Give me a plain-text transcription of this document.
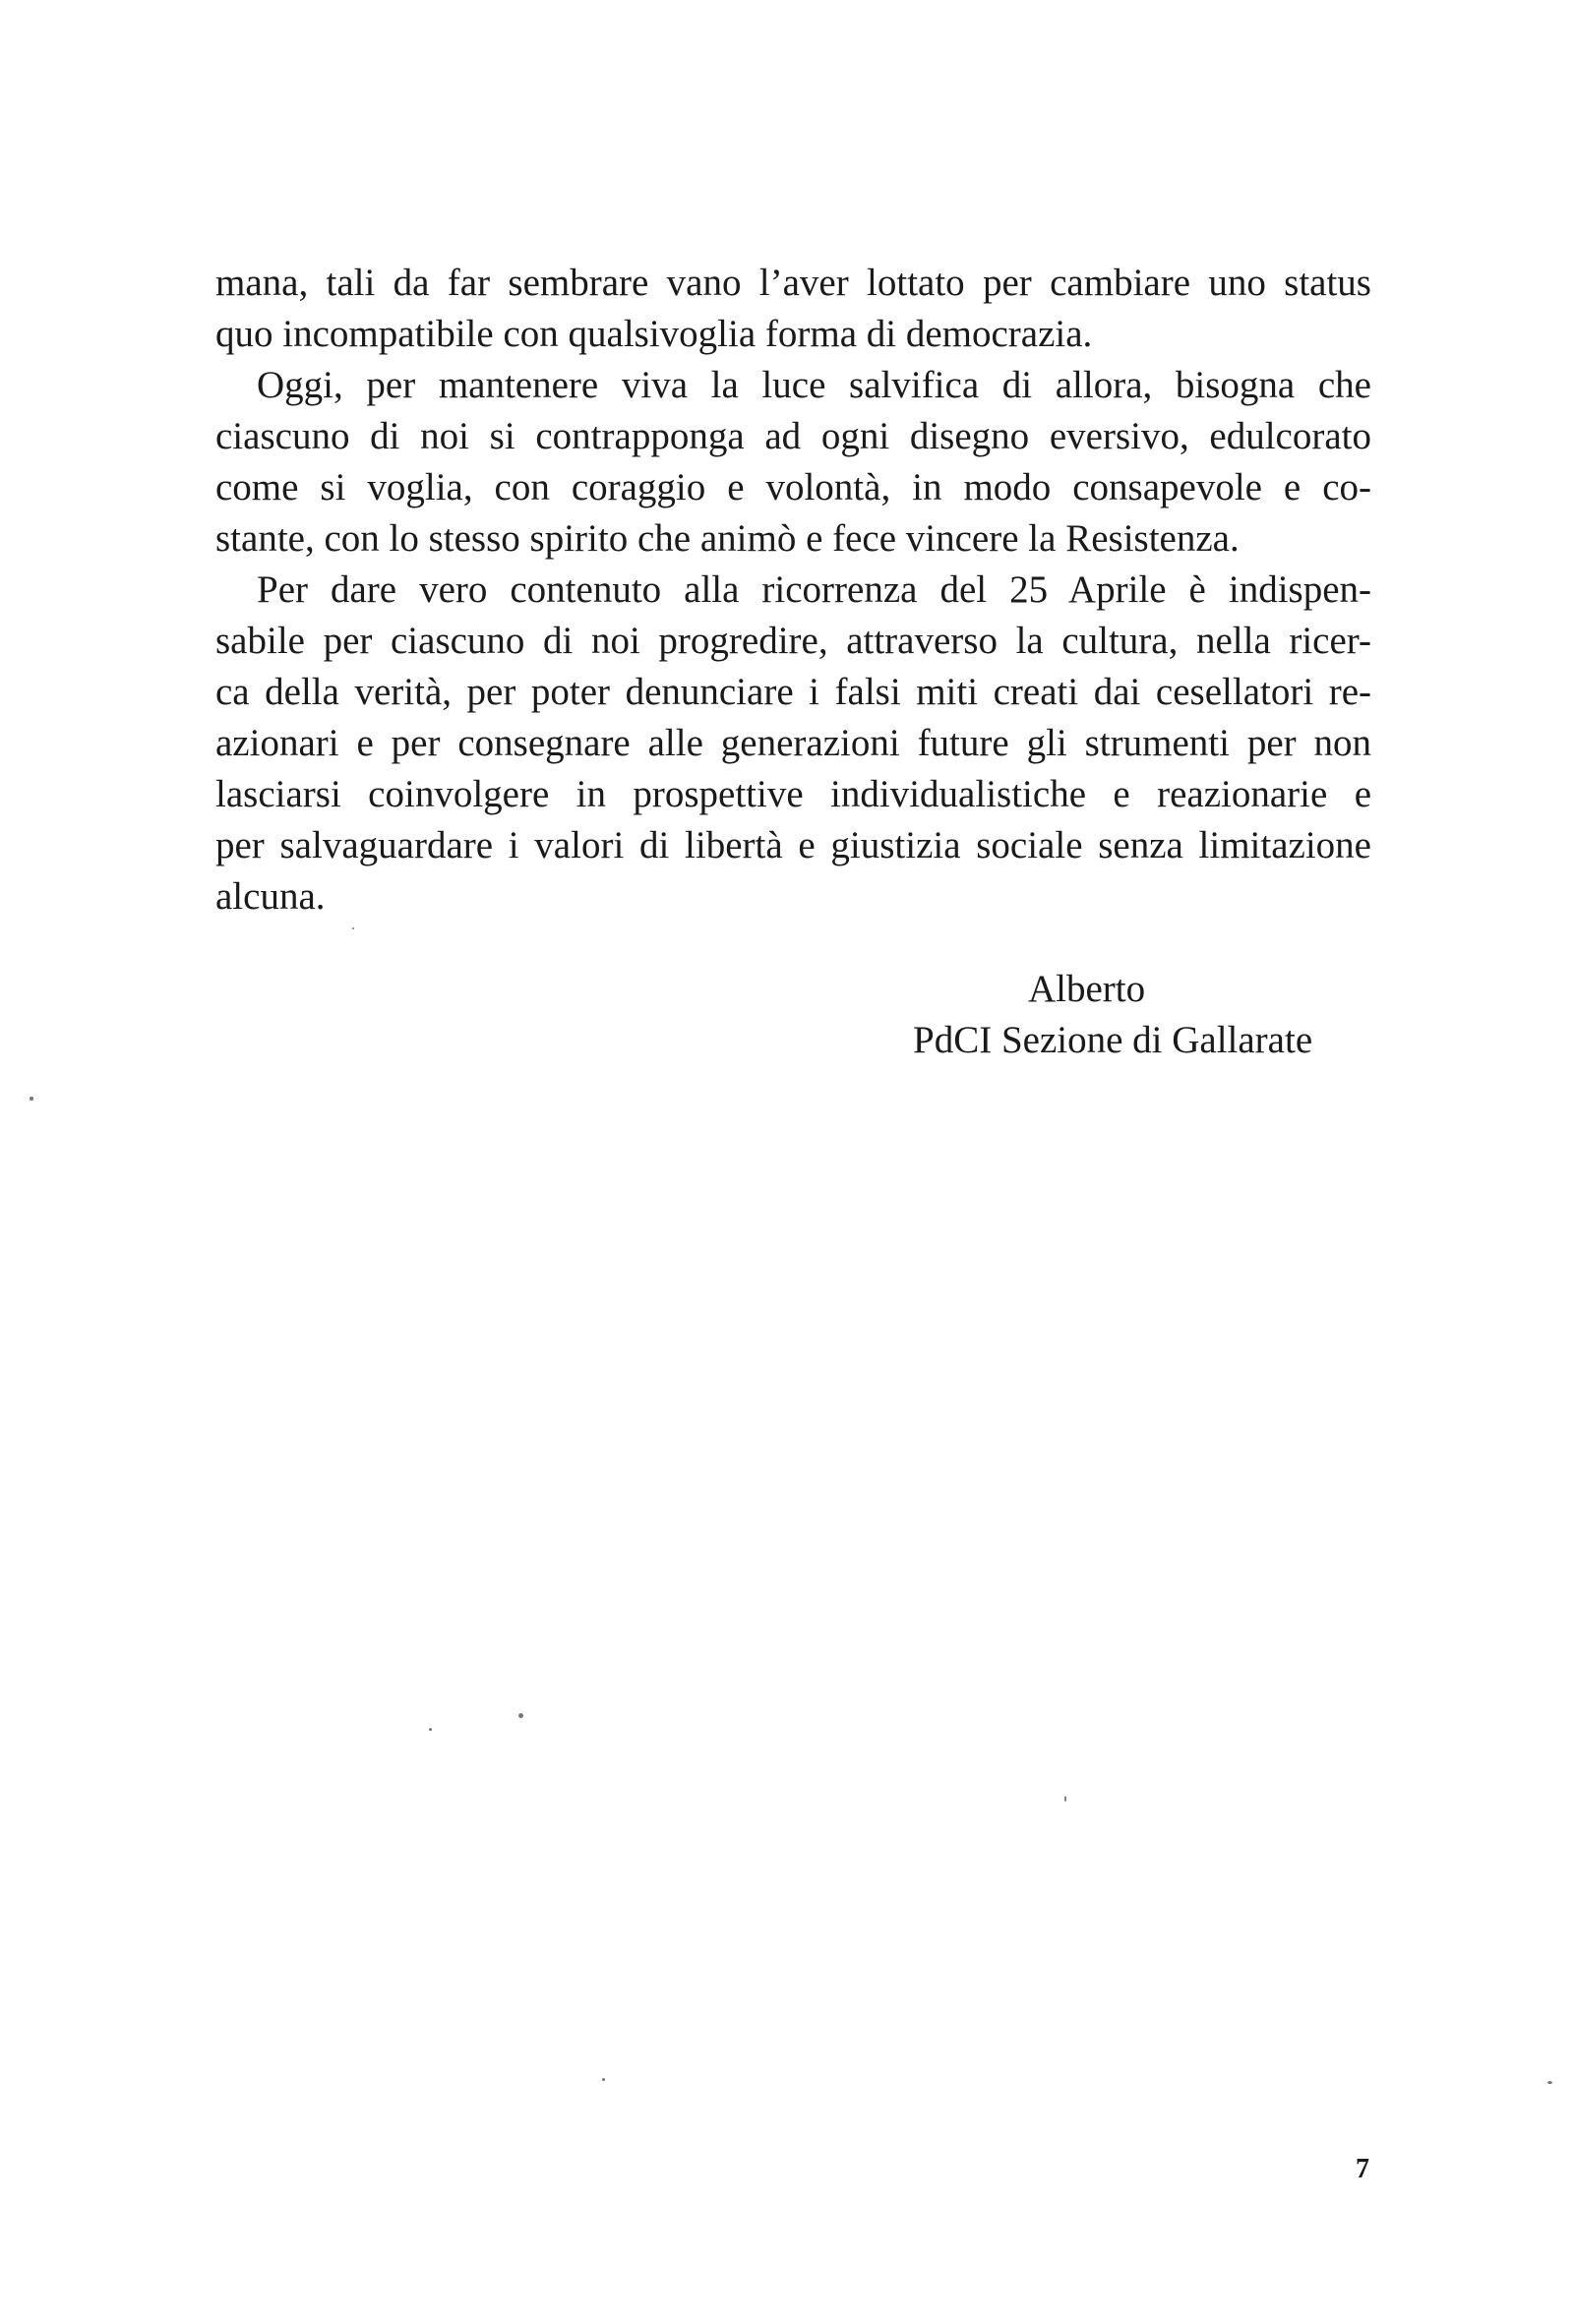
mana, tali da far sembrare vano l’aver lottato per cambiare uno status
quo incompatibile con qualsivoglia forma di democrazia.
Oggi, per mantenere viva la luce salvifica di allora, bisogna che
ciascuno di noi si contrapponga ad ogni disegno eversivo, edulcorato
come si voglia, con coraggio e volontà, in modo consapevole e co-
stante, con lo stesso spirito che animò e fece vincere la Resistenza.
Per dare vero contenuto alla ricorrenza del 25 Aprile è indispen-
sabile per ciascuno di noi progredire, attraverso la cultura, nella ricer-
ca della verità, per poter denunciare i falsi miti creati dai cesellatori re-
azionari e per consegnare alle generazioni future gli strumenti per non
lasciarsi coinvolgere in prospettive individualistiche e reazionarie e
per salvaguardare i valori di libertà e giustizia sociale senza limitazione
alcuna.
Alberto
PdCI Sezione di Gallarate
7
